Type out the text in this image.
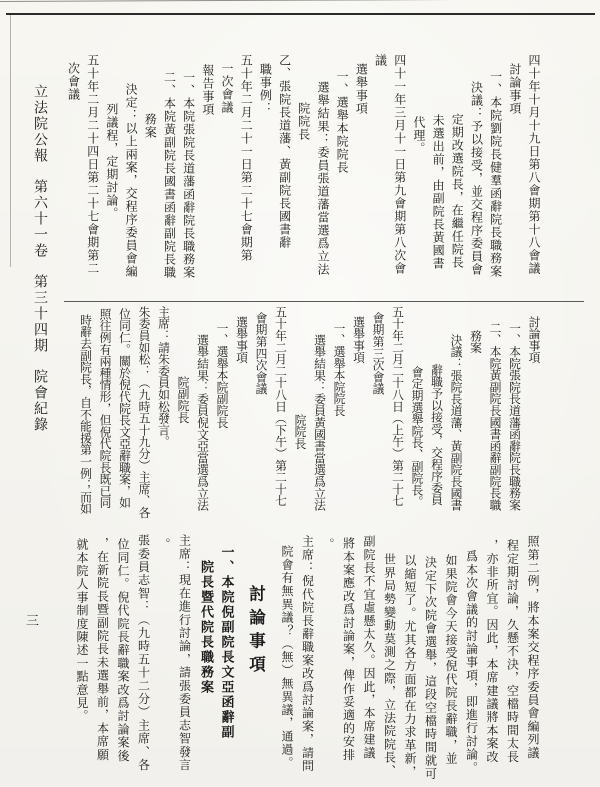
立法院公報
第六十一卷
第三十四期
院會紀錄
三
四十年十月十九日第八會期第十八會議
討論事項
一、本院劉院長健羣函辭院長職務案
決議：予以接受，並交程序委員會
定期改選院長，在繼任院長
未選出前，由副院長黃國書
代理。
四十一年三月十一日第九會期第八次會
議
選舉事項
一、選舉本院院長
選舉結果：委員張道藩當選爲立法
院院長
乙、張院長道藩、黃副院長國書辭
職事例：
五十年二月二十一日第二十七會期第
一次會議
報告事項
一、本院張院長道藩函辭院長職務案
二、本院黃副院長國書函辭副院長職
務案
決定：以上兩案，交程序委員會編
列議程，定期討論。
五十年二月二十四日第二十七會期第二
次會議
討論事項
一、本院張院長道藩函辭院長職務案
二、本院黃副院長國書函辭副院長職
務案
決議：張院長道藩、黃副院長國書
辭職予以接受，交程序委員
會定期選舉院長、副院長。
五十年二月二十八日（上午）第二十七
會期第三次會議
選舉事項
一、選舉本院院長
選舉結果：委員黃國書當選爲立法
院院長
五十年二月二十八日（下午）第二十七
會期第四次會議
選舉事項
一、選舉本院副院長
選舉結果：委員倪文亞當選爲立法
院副院長
主席：請朱委員如松發言。
朱委員如松：（九時五十九分）主席、各
位同仁。關於倪代院長文亞辭職案，如
照往例有兩種情形，但倪代院長既已同
時辭去副院長，自不能援第一例；而如
照第二例，將本案交程序委員會編列議
程定期討論，久懸不決，空檔時間太長
，亦非所宜。因此，本席建議將本案改
爲本次會議的討論事項，即進行討論。
如果院會今天接受倪代院長辭職，並
決定下次院會選舉，這段空檔時間就可
以縮短了。尤其各方面都在力求革新，
世界局勢變動莫測之際，立法院院長、
副院長不宜虛懸太久。因此，本席建議
將本案應改爲討論案，俾作妥適的安排
。
主席：倪代院長辭職案改爲討論案，請問
院會有無異議？（無）無異議，通過。
討論事項
一、本院倪副院長文亞函辭副
院長暨代院長職務案
主席：現在進行討論，請張委員志智發言
。
張委員志智：（九時五十二分）主席、各
位同仁。倪代院長辭職案改爲討論案後
，在新院長暨副院長未選舉前，本席願
就本院人事制度陳述一點意見。
